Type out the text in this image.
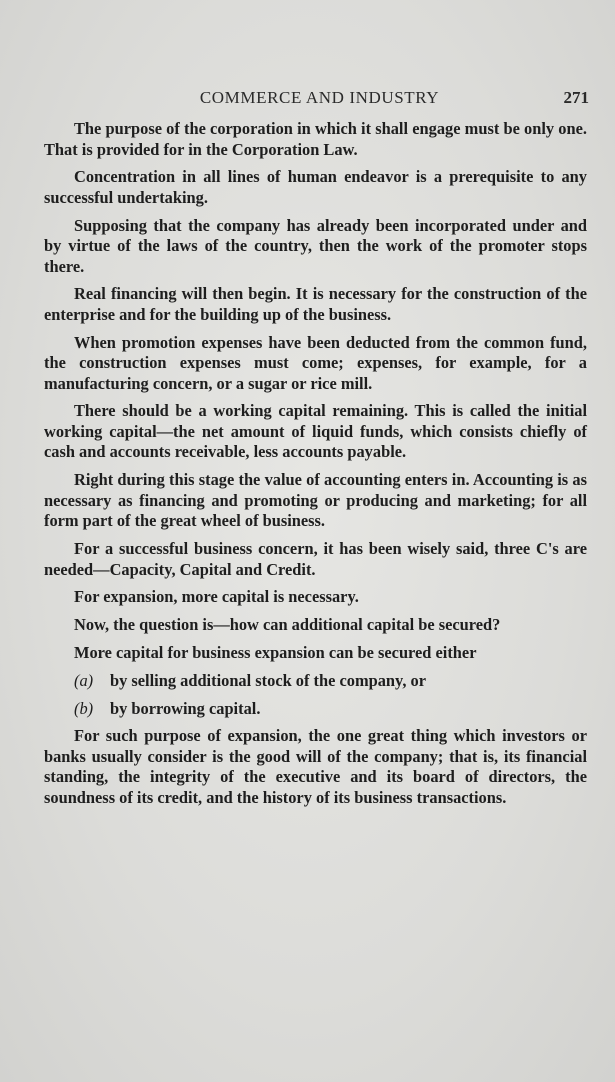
COMMERCE AND INDUSTRY	271

The purpose of the corporation in which it shall engage must be only one. That is provided for in the Corporation Law.

Concentration in all lines of human endeavor is a prerequisite to any successful undertaking.

Supposing that the company has already been incorporated under and by virtue of the laws of the country, then the work of the promoter stops there.

Real financing will then begin. It is necessary for the construction of the enterprise and for the building up of the business.

When promotion expenses have been deducted from the common fund, the construction expenses must come; expenses, for example, for a manufacturing concern, or a sugar or rice mill.

There should be a working capital remaining. This is called the initial working capital—the net amount of liquid funds, which consists chiefly of cash and accounts receivable, less accounts payable.

Right during this stage the value of accounting enters in. Accounting is as necessary as financing and promoting or producing and marketing; for all form part of the great wheel of business.

For a successful business concern, it has been wisely said, three C's are needed—Capacity, Capital and Credit.

For expansion, more capital is necessary.

Now, the question is—how can additional capital be secured?

More capital for business expansion can be secured either

(a) by selling additional stock of the company, or

(b) by borrowing capital.

For such purpose of expansion, the one great thing which investors or banks usually consider is the good will of the company; that is, its financial standing, the integrity of the executive and its board of directors, the soundness of its credit, and the history of its business transactions.
